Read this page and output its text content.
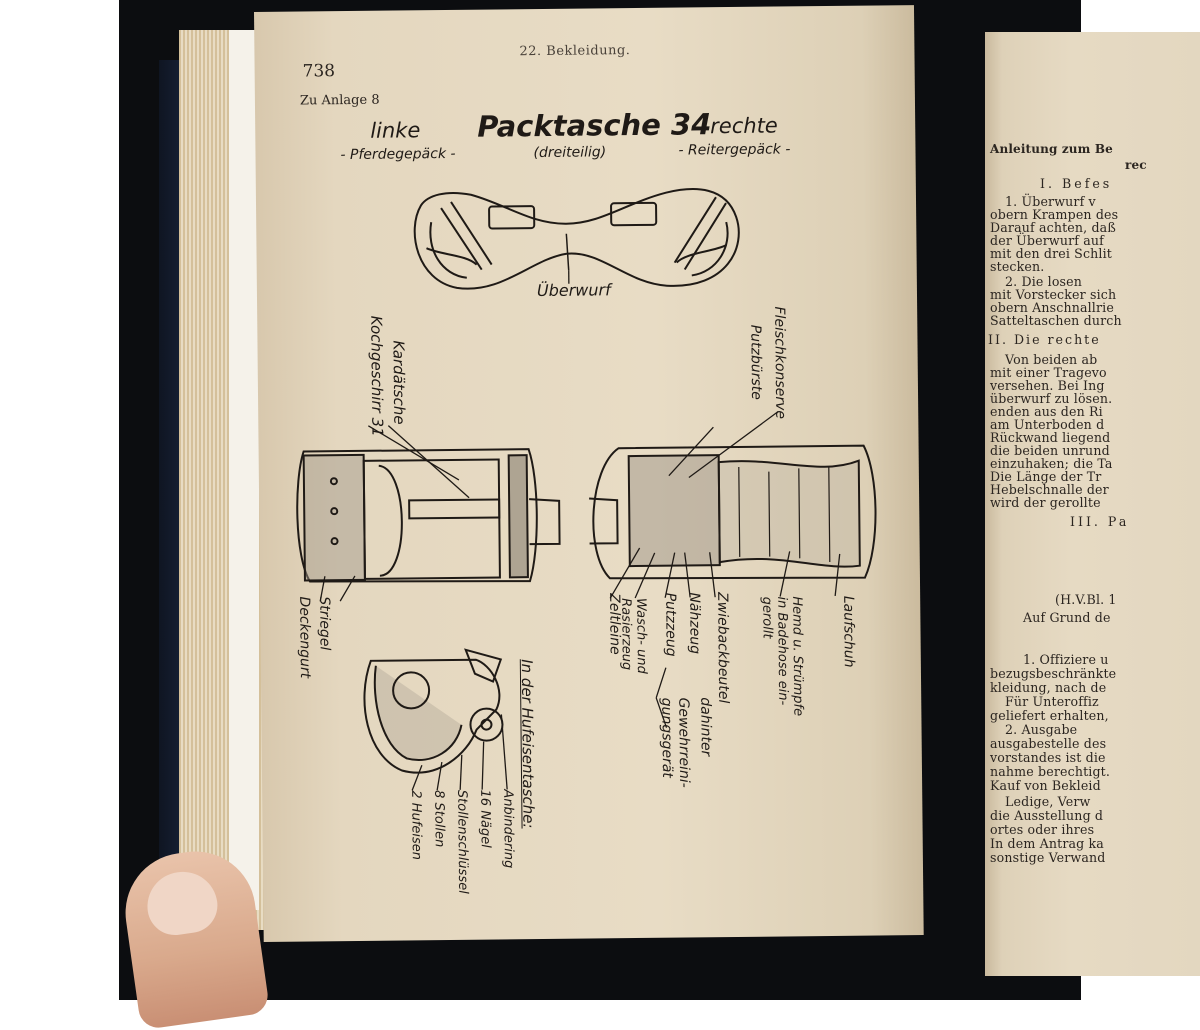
738
22. Bekleidung.
Zu Anlage 8
linke
- Pferdegepäck -
Packtasche 34
(dreiteilig)
rechte
- Reitergepäck -
Überwurf
Kardätsche
Kochgeschirr 31
Striegel
Deckengurt
Fleischkonserve
Putzbürste
Zeltleine Wasch- und Rasierzeug	Putzzeug Nähzeug
Gewehrreini-gungsgerät
Zwiebackbeutel
dahinter
Hemd u. Strümpfe in Badehose ein-gerollt	Laufschuh
In der Hufeisentasche:
Anbindering
16 Nägel
Stollenschlüssel
8 Stollen
2 Hufeisen
Anleitung zum Be
rec
I. Befes
1. Überwurf v
obern Krampen des
Darauf achten, daß
der Überwurf auf
mit den drei Schlit
stecken.
2. Die losen
mit Vorstecker sich
obern Anschnallrie
Satteltaschen durch
II. Die rechte
Von beiden ab
mit einer Tragevo
versehen. Bei Ing
überwurf zu lösen.
enden aus den Ri
am Unterboden d
Rückwand liegend
die beiden unrund
einzuhaken; die Ta
Die Länge der Tr
Hebelschnalle der
wird der gerollte
III. Pa
(H.V.Bl. 1
Auf Grund de
1. Offiziere u
bezugsbeschränkte
kleidung, nach de
Für Unteroffiz
geliefert erhalten,
2. Ausgabe
ausgabestelle des
vorstandes ist die
nahme berechtigt.
Kauf von Bekleid
Ledige, Verw
die Ausstellung d
ortes oder ihres
In dem Antrag ka
sonstige Verwand
